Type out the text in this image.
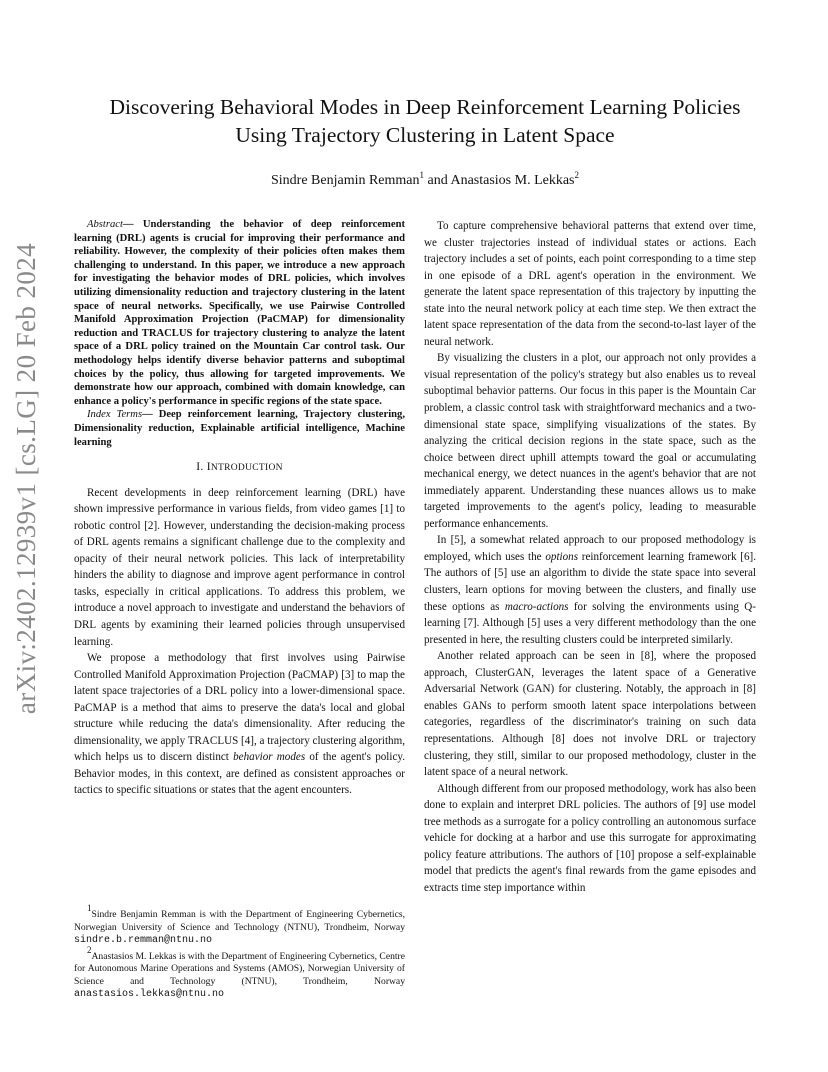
arXiv:2402.12939v1 [cs.LG] 20 Feb 2024
Discovering Behavioral Modes in Deep Reinforcement Learning Policies
Using Trajectory Clustering in Latent Space
Sindre Benjamin Remman$^1$ and Anastasios M. Lekkas$^2$

Abstract— Understanding the behavior of deep reinforcement learning (DRL) agents is crucial for improving their performance and reliability. However, the complexity of their policies often makes them challenging to understand. In this paper, we introduce a new approach for investigating the behavior modes of DRL policies, which involves utilizing dimensionality reduction and trajectory clustering in the latent space of neural networks. Specifically, we use Pairwise Controlled Manifold Approximation Projection (PaCMAP) for dimensionality reduction and TRACLUS for trajectory clustering to analyze the latent space of a DRL policy trained on the Mountain Car control task. Our methodology helps identify diverse behavior patterns and suboptimal choices by the policy, thus allowing for targeted improvements. We demonstrate how our approach, combined with domain knowledge, can enhance a policy's performance in specific regions of the state space.

Index Terms— Deep reinforcement learning, Trajectory clustering, Dimensionality reduction, Explainable artificial intelligence, Machine learning

I. INTRODUCTION

Recent developments in deep reinforcement learning (DRL) have shown impressive performance in various fields, from video games [1] to robotic control [2]. However, understanding the decision-making process of DRL agents remains a significant challenge due to the complexity and opacity of their neural network policies. This lack of interpretability hinders the ability to diagnose and improve agent performance in control tasks, especially in critical applications. To address this problem, we introduce a novel approach to investigate and understand the behaviors of DRL agents by examining their learned policies through unsupervised learning.

We propose a methodology that first involves using Pairwise Controlled Manifold Approximation Projection (PaCMAP) [3] to map the latent space trajectories of a DRL policy into a lower-dimensional space. PaCMAP is a method that aims to preserve the data's local and global structure while reducing the data's dimensionality. After reducing the dimensionality, we apply TRACLUS [4], a trajectory clustering algorithm, which helps us to discern distinct behavior modes of the agent's policy. Behavior modes, in this context, are defined as consistent approaches or tactics to specific situations or states that the agent encounters.

$^1$Sindre Benjamin Remman is with the Department of Engineering Cybernetics, Norwegian University of Science and Technology (NTNU), Trondheim, Norway sindre.b.remman@ntnu.no

$^2$Anastasios M. Lekkas is with the Department of Engineering Cybernetics, Centre for Autonomous Marine Operations and Systems (AMOS), Norwegian University of Science and Technology (NTNU), Trondheim, Norway anastasios.lekkas@ntnu.no

To capture comprehensive behavioral patterns that extend over time, we cluster trajectories instead of individual states or actions. Each trajectory includes a set of points, each point corresponding to a time step in one episode of a DRL agent's operation in the environment. We generate the latent space representation of this trajectory by inputting the state into the neural network policy at each time step. We then extract the latent space representation of the data from the second-to-last layer of the neural network.

By visualizing the clusters in a plot, our approach not only provides a visual representation of the policy's strategy but also enables us to reveal suboptimal behavior patterns. Our focus in this paper is the Mountain Car problem, a classic control task with straightforward mechanics and a two-dimensional state space, simplifying visualizations of the states. By analyzing the critical decision regions in the state space, such as the choice between direct uphill attempts toward the goal or accumulating mechanical energy, we detect nuances in the agent's behavior that are not immediately apparent. Understanding these nuances allows us to make targeted improvements to the agent's policy, leading to measurable performance enhancements.

In [5], a somewhat related approach to our proposed methodology is employed, which uses the options reinforcement learning framework [6]. The authors of [5] use an algorithm to divide the state space into several clusters, learn options for moving between the clusters, and finally use these options as macro-actions for solving the environments using Q-learning [7]. Although [5] uses a very different methodology than the one presented in here, the resulting clusters could be interpreted similarly.

Another related approach can be seen in [8], where the proposed approach, ClusterGAN, leverages the latent space of a Generative Adversarial Network (GAN) for clustering. Notably, the approach in [8] enables GANs to perform smooth latent space interpolations between categories, regardless of the discriminator's training on such data representations. Although [8] does not involve DRL or trajectory clustering, they still, similar to our proposed methodology, cluster in the latent space of a neural network.

Although different from our proposed methodology, work has also been done to explain and interpret DRL policies. The authors of [9] use model tree methods as a surrogate for a policy controlling an autonomous surface vehicle for docking at a harbor and use this surrogate for approximating policy feature attributions. The authors of [10] propose a self-explainable model that predicts the agent's final rewards from the game episodes and extracts time step importance within
